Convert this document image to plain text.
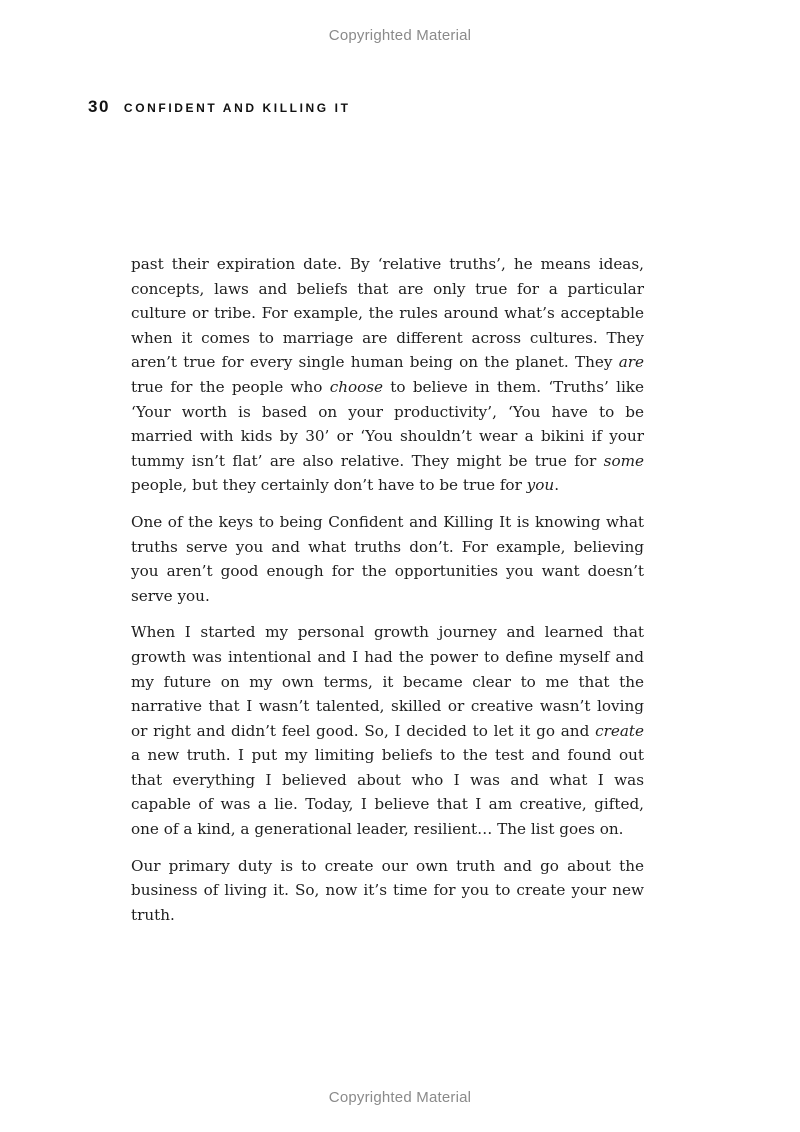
Copyrighted Material
30 CONFIDENT AND KILLING IT

past their expiration date. By ‘relative truths’, he means ideas, concepts, laws and beliefs that are only true for a particular culture or tribe. For example, the rules around what’s acceptable when it comes to marriage are different across cultures. They aren’t true for every single human being on the planet. They are true for the people who choose to believe in them. ‘Truths’ like ‘Your worth is based on your productivity’, ‘You have to be married with kids by 30’ or ‘You shouldn’t wear a bikini if your tummy isn’t flat’ are also relative. They might be true for some people, but they certainly don’t have to be true for you.

One of the keys to being Confident and Killing It is knowing what truths serve you and what truths don’t. For example, believing you aren’t good enough for the opportunities you want doesn’t serve you.

When I started my personal growth journey and learned that growth was intentional and I had the power to define myself and my future on my own terms, it became clear to me that the narrative that I wasn’t talented, skilled or creative wasn’t loving or right and didn’t feel good. So, I decided to let it go and create a new truth. I put my limiting beliefs to the test and found out that everything I believed about who I was and what I was capable of was a lie. Today, I believe that I am creative, gifted, one of a kind, a generational leader, resilient… The list goes on.

Our primary duty is to create our own truth and go about the business of living it. So, now it’s time for you to create your new truth.

Copyrighted Material
